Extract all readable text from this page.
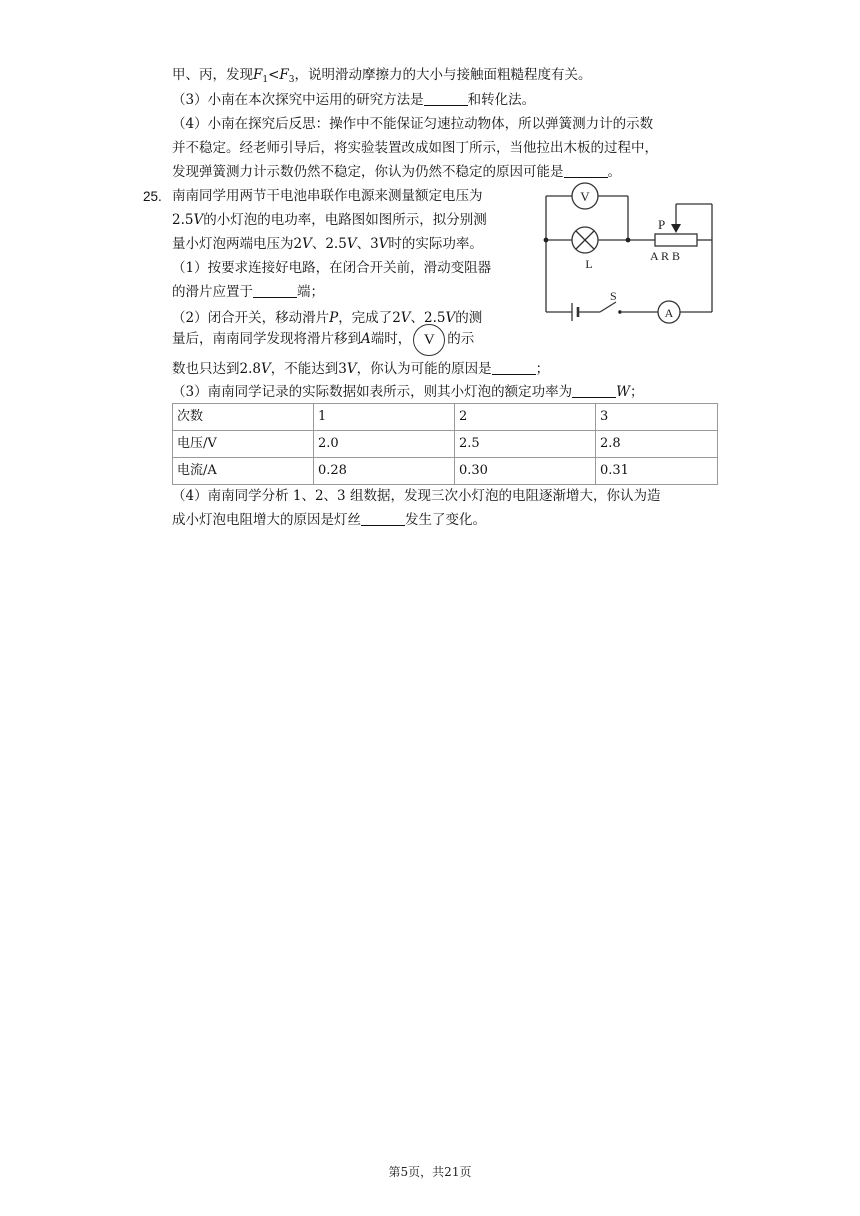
甲、丙，发现$F_1<F_3$，说明滑动摩擦力的大小与接触面粗糙程度有关。
（3）小南在本次探究中运用的研究方法是	和转化法。
（4）小南在探究后反思：操作中不能保证匀速拉动物体，所以弹簧测力计的示数
并不稳定。经老师引导后，将实验装置改成如图丁所示，当他拉出木板的过程中，
发现弹簧测力计示数仍然不稳定，你认为仍然不稳定的原因可能是	。
25. 南南同学用两节干电池串联作电源来测量额定电压为
2.5V的小灯泡的电功率，电路图如图所示，拟分别测
量小灯泡两端电压为2V、2.5V、3V时的实际功率。
（1）按要求连接好电路，在闭合开关前，滑动变阻器
的滑片应置于	端；
（2）闭合开关，移动滑片P，完成了2V、2.5V的测
量后，南南同学发现将滑片移到A端时， V 的示
数也只达到2.8V，不能达到3V，你认为可能的原因是	；
（3）南南同学记录的实际数据如表所示，则其小灯泡的额定功率为	W；
次数	1	2	3
电压/V	2.0	2.5	2.8
电流/A	0.28	0.30	0.31
（4）南南同学分析 1、2、3 组数据，发现三次小灯泡的电阻逐渐增大，你认为造
成小灯泡电阻增大的原因是灯丝	发生了变化。
V
L
P
A R B
S
A
第5页，共21页
